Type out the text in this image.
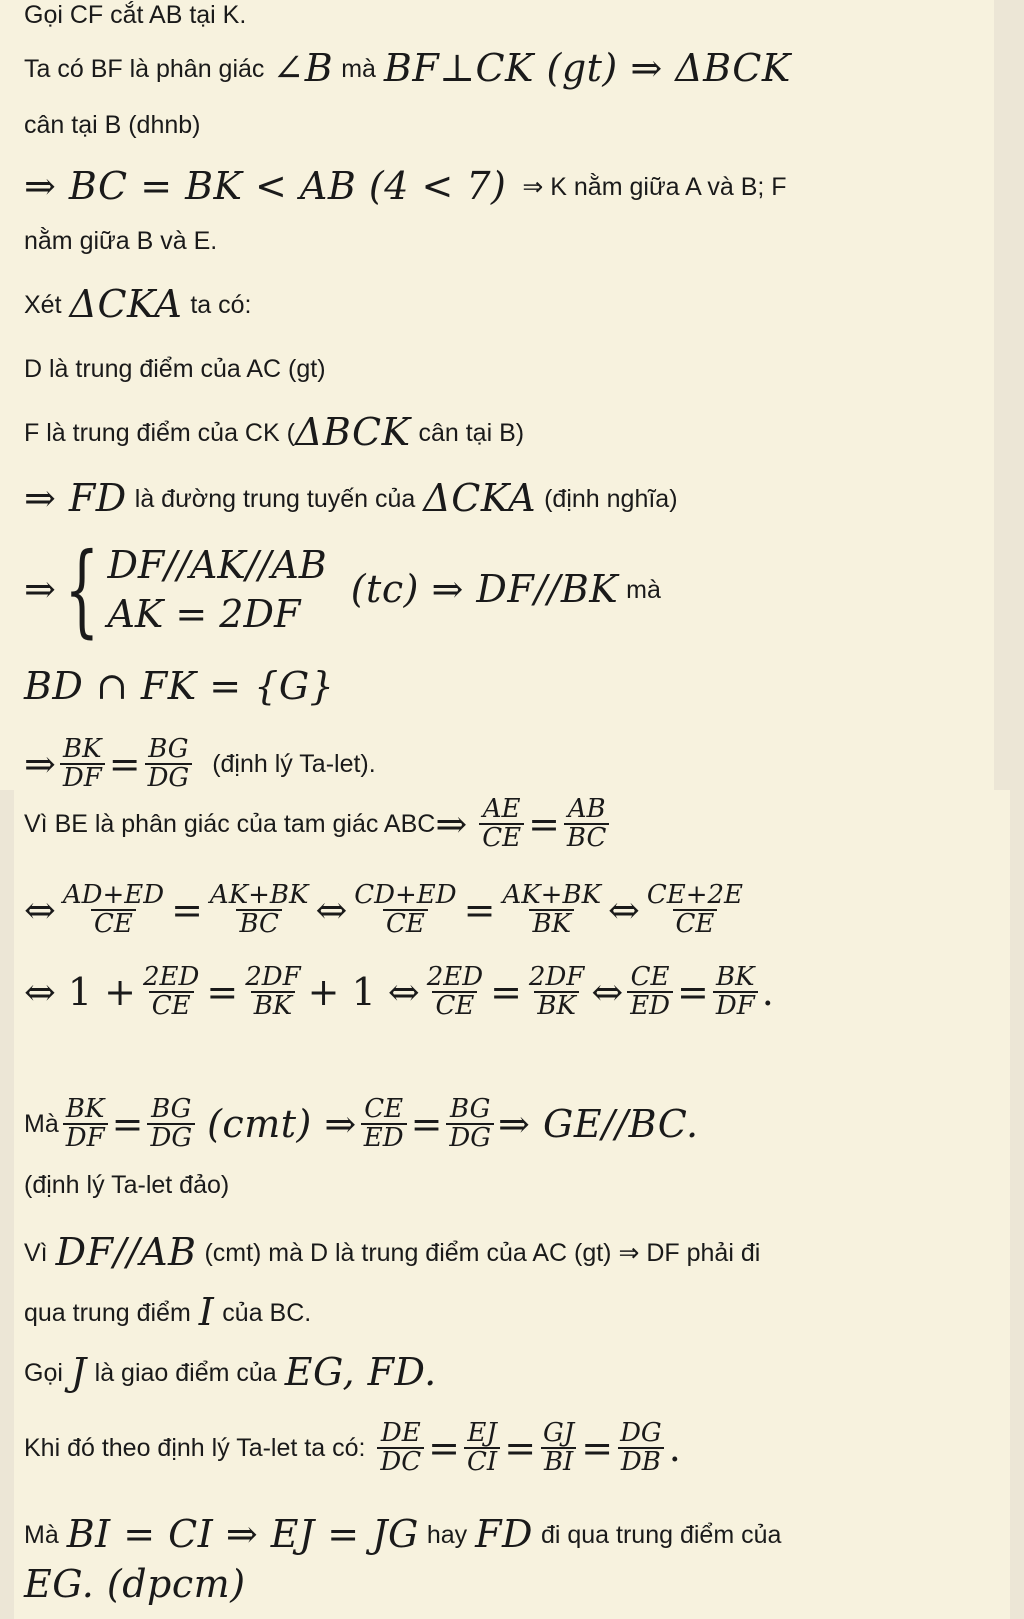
Gọi CF cắt AB tại K.
Ta có BF là phân giác ∠B mà BF⊥CK (gt) ⇒ ΔBCK
cân tại B (dhnb)
⇒ BC = BK < AB (4 < 7) ⇒ K nằm giữa A và B; F
nằm giữa B và E.
Xét ΔCKA ta có:
D là trung điểm của AC (gt)
F là trung điểm của CK ( ΔBCK cân tại B)
⇒ FD là đường trung tuyến của ΔCKA (định nghĩa)
⇒ { DF//AK//AB
AK = 2DF
(tc) ⇒ DF//BK mà
BD ∩ FK = {G}
⇒ $\frac{BK}{DF} = \frac{BG}{DG}$ (định lý Ta-let).
Vì BE là phân giác của tam giác ABC ⇒ $\frac{AE}{CE} = \frac{AB}{BC}$
⇔ $\frac{AD+ED}{CE} = \frac{AK+BK}{BC}$ ⇔ $\frac{CD+ED}{CE} = \frac{AK+BK}{BK}$ ⇔ $\frac{CE+2E}{CE}$
⇔ $1 + \frac{2ED}{CE} = \frac{2DF}{BK} + 1$ ⇔ $\frac{2ED}{CE} = \frac{2DF}{BK}$ ⇔ $\frac{CE}{ED} = \frac{BK}{DF}$ .
Mà $\frac{BK}{DF} = \frac{BG}{DG} (cmt)$ ⇒ $\frac{CE}{ED} = \frac{BG}{DG}$ ⇒ GE//BC.
(định lý Ta-let đảo)
Vì DF//AB (cmt) mà D là trung điểm của AC (gt) ⇒ DF phải đi
qua trung điểm I của BC.
Gọi J là giao điểm của EG, FD.
Khi đó theo định lý Ta-let ta có: $\frac{DE}{DC} = \frac{EJ}{CI} = \frac{GJ}{BI} = \frac{DG}{DB}$ .
Mà BI = CI ⇒ EJ = JG hay FD đi qua trung điểm của
EG. (dpcm)
